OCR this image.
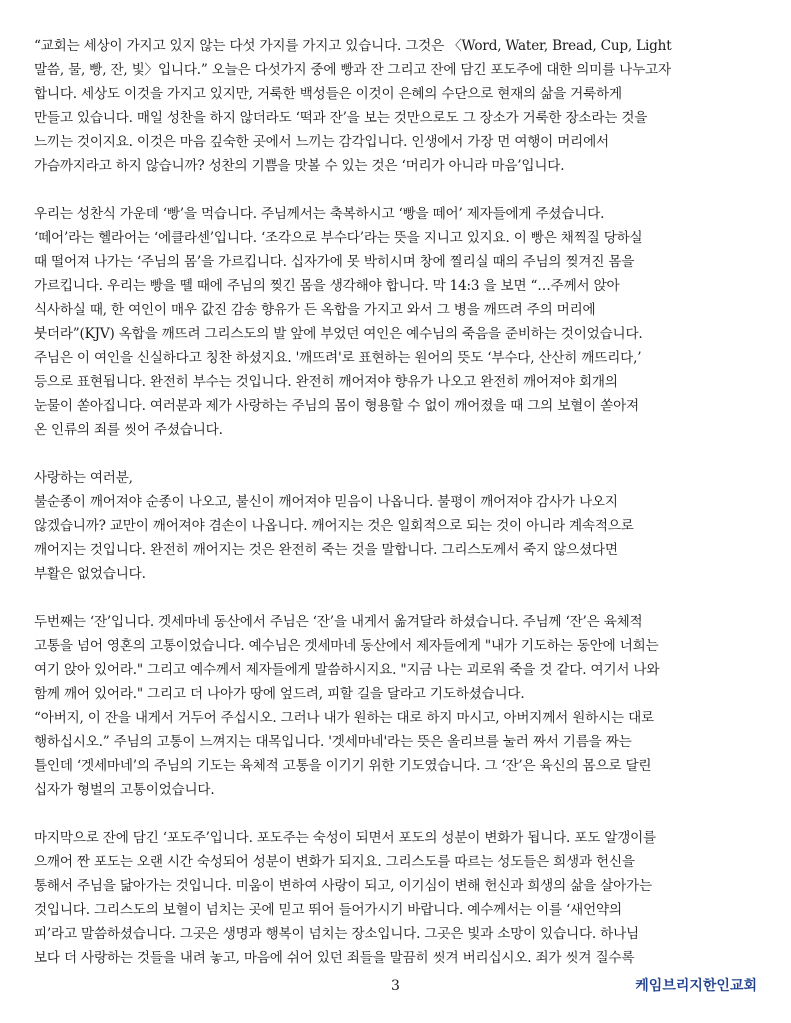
“교회는 세상이 가지고 있지 않는 다섯 가지를 가지고 있습니다. 그것은 〈Word, Water, Bread, Cup, Light
말씀, 물, 빵, 잔, 빛〉입니다.” 오늘은 다섯가지 중에 빵과 잔 그리고 잔에 담긴 포도주에 대한 의미를 나누고자
합니다. 세상도 이것을 가지고 있지만, 거룩한 백성들은 이것이 은혜의 수단으로 현재의 삶을 거룩하게
만들고 있습니다. 매일 성찬을 하지 않더라도 ‘떡과 잔’을 보는 것만으로도 그 장소가 거룩한 장소라는 것을
느끼는 것이지요. 이것은 마음 깊숙한 곳에서 느끼는 감각입니다. 인생에서 가장 먼 여행이 머리에서
가슴까지라고 하지 않습니까? 성찬의 기쁨을 맛볼 수 있는 것은 ‘머리가 아니라 마음’입니다.

우리는 성찬식 가운데 ‘빵’을 먹습니다. 주님께서는 축복하시고 ‘빵을 떼어’ 제자들에게 주셨습니다.
‘떼어’라는 헬라어는 ‘에클라센’입니다. ‘조각으로 부수다’라는 뜻을 지니고 있지요. 이 빵은 채찍질 당하실
때 떨어져 나가는 ‘주님의 몸’을 가르킵니다. 십자가에 못 박히시며 창에 찔리실 때의 주님의 찢겨진 몸을
가르킵니다. 우리는 빵을 뗄 때에 주님의 찢긴 몸을 생각해야 합니다. 막 14:3 을 보면 “…주께서 앉아
식사하실 때, 한 여인이 매우 값진 감송 향유가 든 옥합을 가지고 와서 그 병을 깨뜨려 주의 머리에
붓더라”(KJV) 옥합을 깨뜨려 그리스도의 발 앞에 부었던 여인은 예수님의 죽음을 준비하는 것이었습니다.
주님은 이 여인을 신실하다고 칭찬 하셨지요. '깨뜨려'로 표현하는 원어의 뜻도 ‘부수다, 산산히 깨뜨리다,’
등으로 표현됩니다. 완전히 부수는 것입니다. 완전히 깨어져야 향유가 나오고 완전히 깨어져야 회개의
눈물이 쏟아집니다. 여러분과 제가 사랑하는 주님의 몸이 형용할 수 없이 깨어졌을 때 그의 보혈이 쏟아져
온 인류의 죄를 씻어 주셨습니다.

사랑하는 여러분,
불순종이 깨어져야 순종이 나오고, 불신이 깨어져야 믿음이 나옵니다. 불평이 깨어져야 감사가 나오지
않겠습니까? 교만이 깨어져야 겸손이 나옵니다. 깨어지는 것은 일회적으로 되는 것이 아니라 계속적으로
깨어지는 것입니다. 완전히 깨어지는 것은 완전히 죽는 것을 말합니다. 그리스도께서 죽지 않으셨다면
부활은 없었습니다.

두번째는 ‘잔’입니다. 겟세마네 동산에서 주님은 ‘잔’을 내게서 옮겨달라 하셨습니다. 주님께 ‘잔’은 육체적
고통을 넘어 영혼의 고통이었습니다. 예수님은 겟세마네 동산에서 제자들에게 "내가 기도하는 동안에 너희는
여기 앉아 있어라." 그리고 예수께서 제자들에게 말씀하시지요. "지금 나는 괴로워 죽을 것 같다. 여기서 나와
함께 깨어 있어라." 그리고 더 나아가 땅에 엎드려, 피할 길을 달라고 기도하셨습니다.
“아버지, 이 잔을 내게서 거두어 주십시오. 그러나 내가 원하는 대로 하지 마시고, 아버지께서 원하시는 대로
행하십시오.” 주님의 고통이 느껴지는 대목입니다. '겟세마네'라는 뜻은 올리브를 눌러 짜서 기름을 짜는
틀인데 ‘겟세마네’의 주님의 기도는 육체적 고통을 이기기 위한 기도였습니다. 그 ‘잔’은 육신의 몸으로 달린
십자가 형벌의 고통이었습니다.

마지막으로 잔에 담긴 ‘포도주’입니다. 포도주는 숙성이 되면서 포도의 성분이 변화가 됩니다. 포도 알갱이를
으깨어 짠 포도는 오랜 시간 숙성되어 성분이 변화가 되지요. 그리스도를 따르는 성도들은 희생과 헌신을
통해서 주님을 닮아가는 것입니다. 미움이 변하여 사랑이 되고, 이기심이 변해 헌신과 희생의 삶을 살아가는
것입니다. 그리스도의 보혈이 넘치는 곳에 믿고 뛰어 들어가시기 바랍니다. 예수께서는 이를 ‘새언약의
피’라고 말씀하셨습니다. 그곳은 생명과 행복이 넘치는 장소입니다. 그곳은 빛과 소망이 있습니다. 하나님
보다 더 사랑하는 것들을 내려 놓고, 마음에 쉬어 있던 죄들을 말끔히 씻겨 버리십시오. 죄가 씻겨 질수록

3	케임브리지한인교회
